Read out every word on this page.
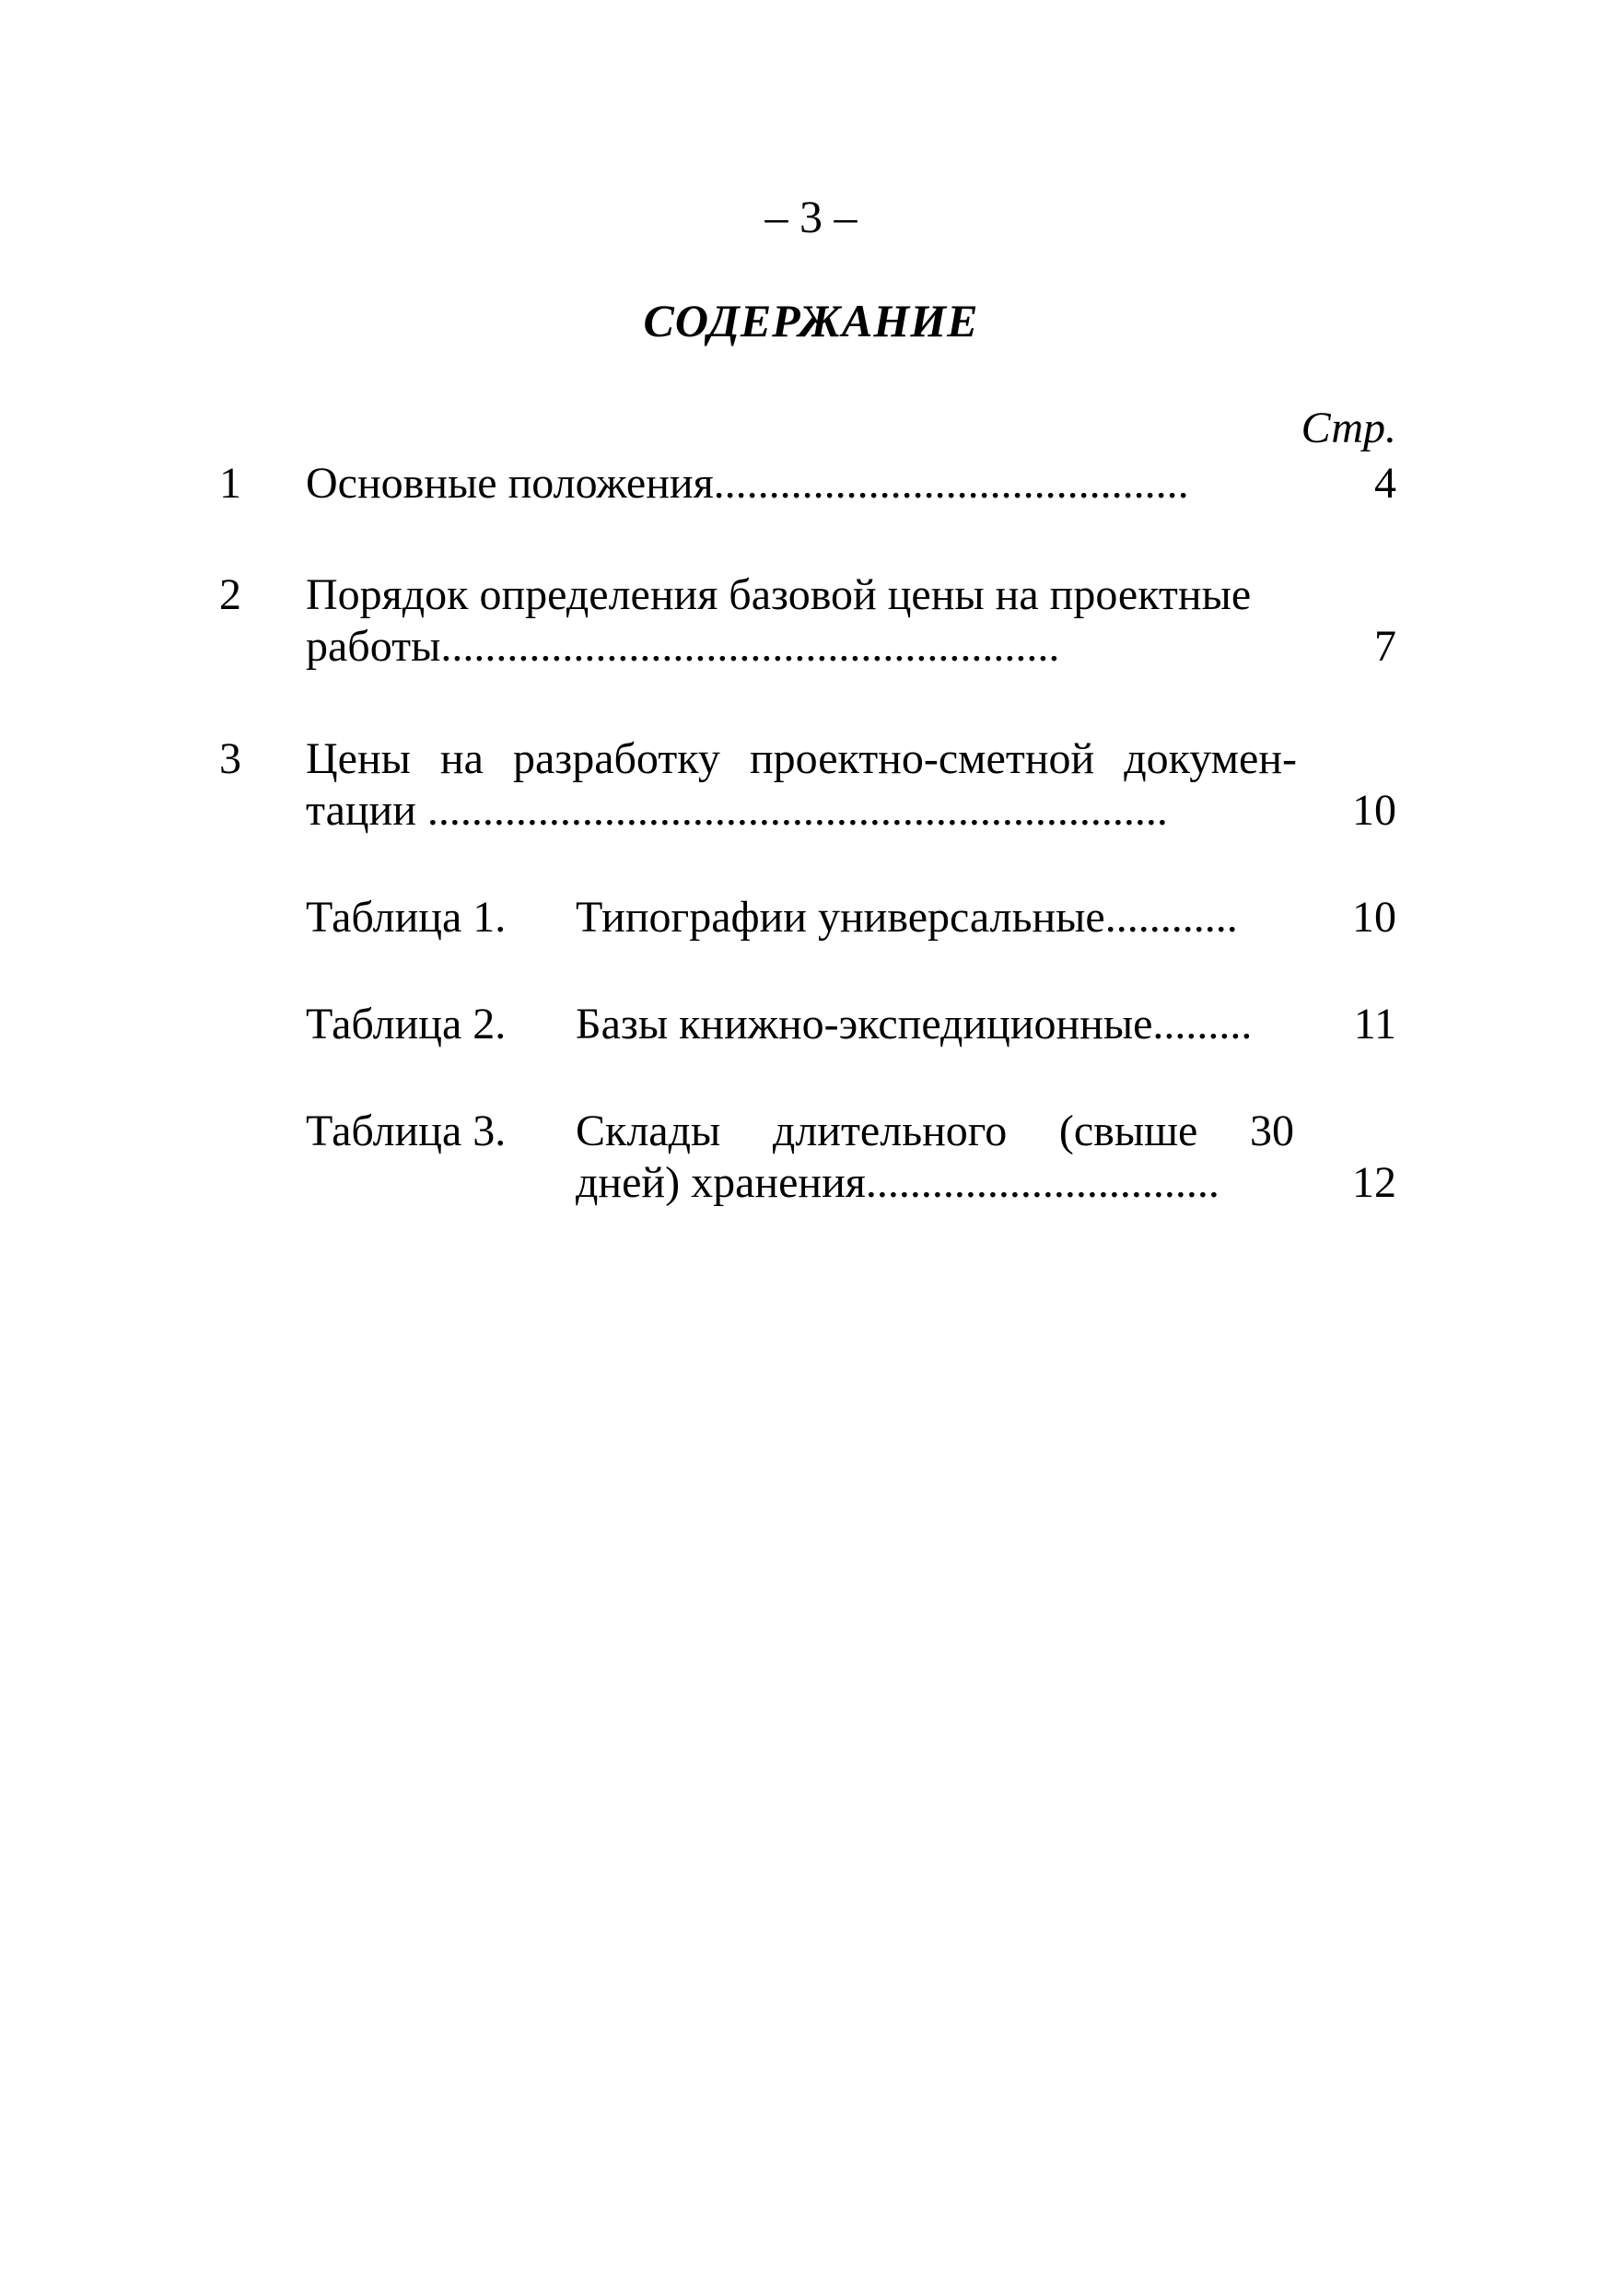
– 3 –
СОДЕРЖАНИЕ
Стр.
1 Основные положения...........................................	4
2 Порядок определения базовой цены на проектные
работы........................................................	7
3 Цены на разработку проектно-сметной докумен-
тации ...................................................................	10
Таблица 1. Типографии универсальные............	10
Таблица 2. Базы книжно-экспедиционные......... 11
Таблица 3. Склады длительного (свыше 30
дней) хранения................................	12
